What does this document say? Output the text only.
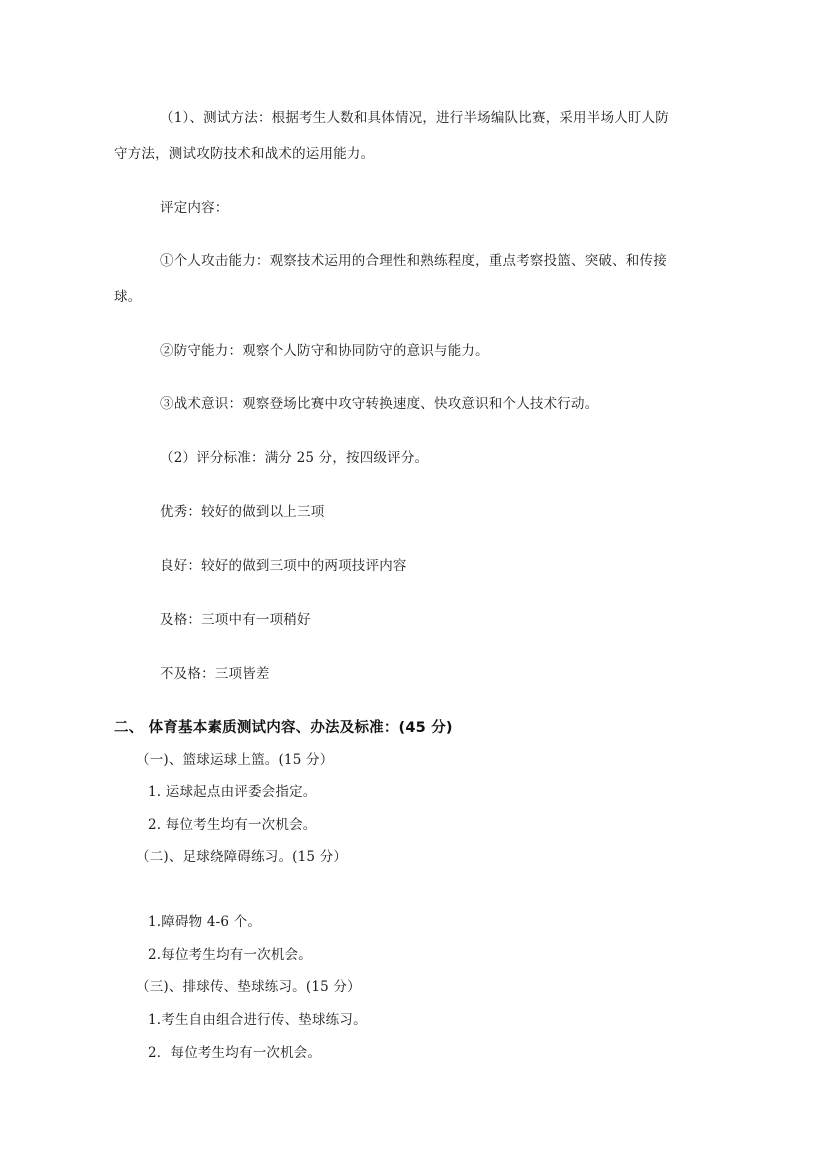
（1）、测试方法：根据考生人数和具体情况，进行半场编队比赛，采用半场人盯人防
守方法，测试攻防技术和战术的运用能力。
评定内容：
①个人攻击能力：观察技术运用的合理性和熟练程度，重点考察投篮、突破、和传接
球。
②防守能力：观察个人防守和协同防守的意识与能力。
③战术意识：观察登场比赛中攻守转换速度、快攻意识和个人技术行动。
（2）评分标准：满分 25 分，按四级评分。
优秀：较好的做到以上三项
良好：较好的做到三项中的两项技评内容
及格：三项中有一项稍好
不及格：三项皆差
二、 体育基本素质测试内容、办法及标准：(45 分)
（一)、篮球运球上篮。(15 分）
1. 运球起点由评委会指定。
2. 每位考生均有一次机会。
（二)、足球绕障碍练习。(15 分）
1.障碍物 4-6 个。
2.每位考生均有一次机会。
（三)、排球传、垫球练习。(15 分）
1.考生自由组合进行传、垫球练习。
2．每位考生均有一次机会。
